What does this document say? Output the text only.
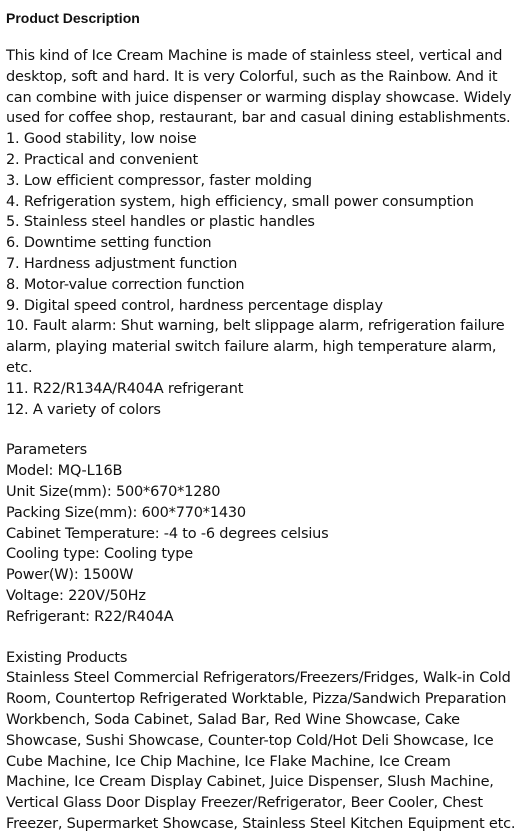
Product Description

This kind of Ice Cream Machine is made of stainless steel, vertical and desktop, soft and hard. It is very Colorful, such as the Rainbow. And it can combine with juice dispenser or warming display showcase. Widely used for coffee shop, restaurant, bar and casual dining establishments.

1. Good stability, low noise
2. Practical and convenient
3. Low efficient compressor, faster molding
4. Refrigeration system, high efficiency, small power consumption
5. Stainless steel handles or plastic handles
6. Downtime setting function
7. Hardness adjustment function
8. Motor-value correction function
9. Digital speed control, hardness percentage display
10. Fault alarm: Shut warning, belt slippage alarm, refrigeration failure alarm, playing material switch failure alarm, high temperature alarm, etc.
11. R22/R134A/R404A refrigerant
12. A variety of colors

Parameters

Model: MQ-L16B
Unit Size(mm): 500*670*1280
Packing Size(mm): 600*770*1430
Cabinet Temperature: -4 to -6 degrees celsius
Cooling type: Cooling type
Power(W): 1500W
Voltage: 220V/50Hz
Refrigerant: R22/R404A

Existing Products

Stainless Steel Commercial Refrigerators/Freezers/Fridges, Walk-in Cold Room, Countertop Refrigerated Worktable, Pizza/Sandwich Preparation Workbench, Soda Cabinet, Salad Bar, Red Wine Showcase, Cake Showcase, Sushi Showcase, Counter-top Cold/Hot Deli Showcase, Ice Cube Machine, Ice Chip Machine, Ice Flake Machine, Ice Cream Machine, Ice Cream Display Cabinet, Juice Dispenser, Slush Machine, Vertical Glass Door Display Freezer/Refrigerator, Beer Cooler, Chest Freezer, Supermarket Showcase, Stainless Steel Kitchen Equipment etc.
